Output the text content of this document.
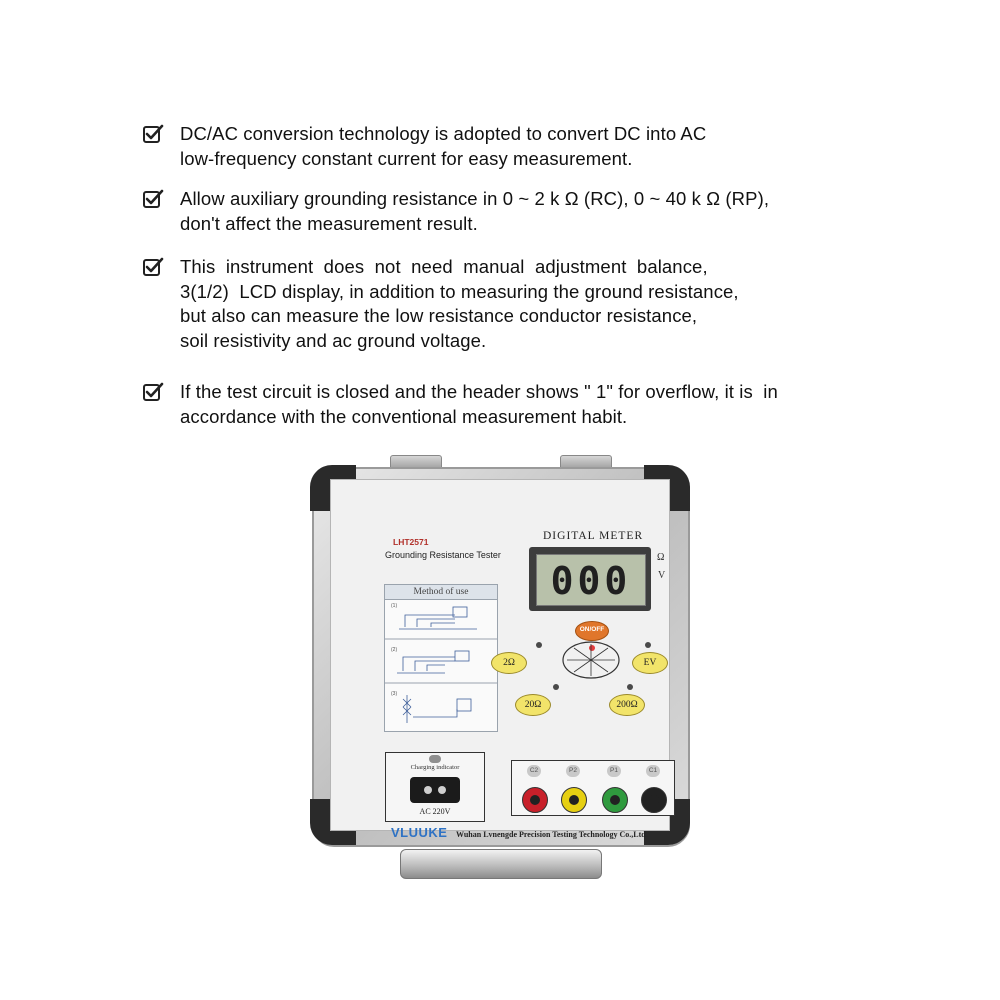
DC/AC conversion technology is adopted to convert DC into AC
low-frequency constant current for easy measurement.
Allow auxiliary grounding resistance in 0 ~ 2 k Ω (RC), 0 ~ 40 k Ω (RP),
don't affect the measurement result.
This  instrument  does  not  need  manual  adjustment  balance,
3(1/2)  LCD display, in addition to measuring the ground resistance,
but also can measure the low resistance conductor resistance,
soil resistivity and ac ground voltage.
If the test circuit is closed and the header shows " 1" for overflow, it is  in
accordance with the conventional measurement habit.
LHT2571
Grounding Resistance Tester
Method of use
(1)
(2)
(3)
DIGITAL METER
000
Ω
V
ON/OFF
2Ω	EV
20Ω	200Ω
Charging indicator
AC 220V
C2	P2	P1	C1
VLUUKE Wuhan Lvnengde Precision Testing Technology Co.,Ltd
